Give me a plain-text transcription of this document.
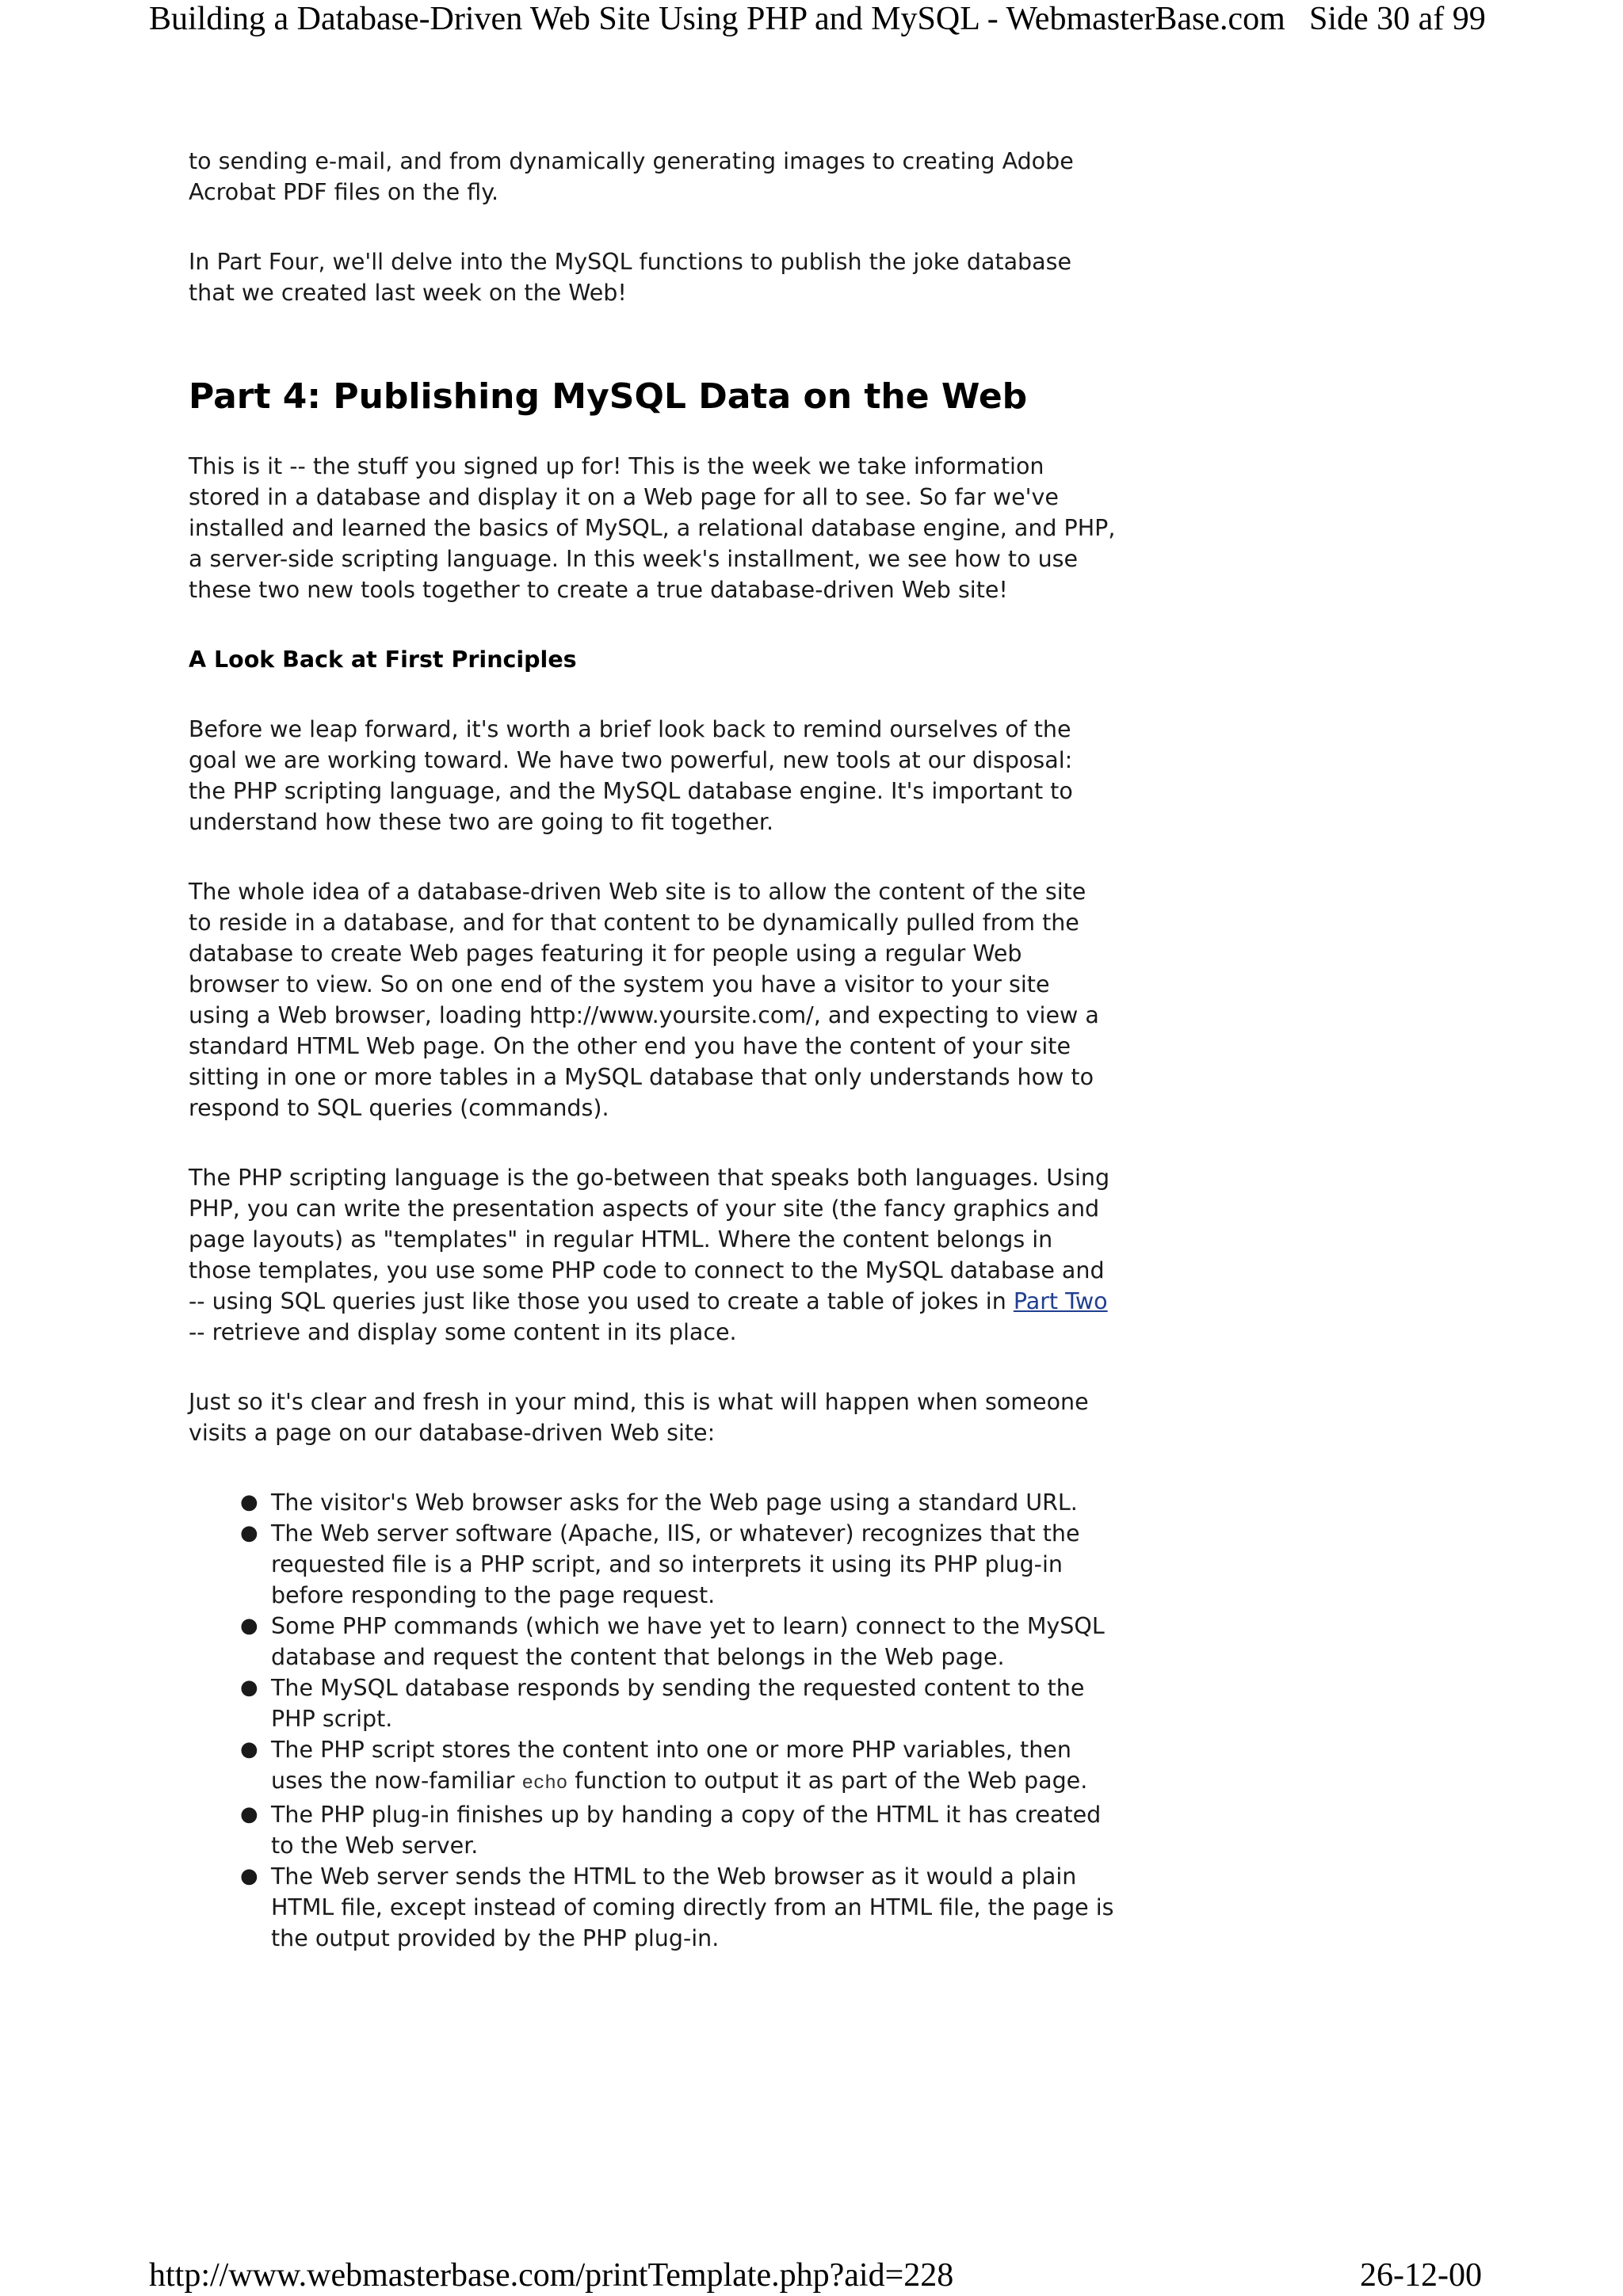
Building a Database-Driven Web Site Using PHP and MySQL - WebmasterBase.com Side 30 af 99

to sending e-mail, and from dynamically generating images to creating Adobe Acrobat PDF files on the fly.

In Part Four, we'll delve into the MySQL functions to publish the joke database that we created last week on the Web!

Part 4: Publishing MySQL Data on the Web

This is it -- the stuff you signed up for! This is the week we take information stored in a database and display it on a Web page for all to see. So far we've installed and learned the basics of MySQL, a relational database engine, and PHP, a server-side scripting language. In this week's installment, we see how to use these two new tools together to create a true database-driven Web site!

A Look Back at First Principles

Before we leap forward, it's worth a brief look back to remind ourselves of the goal we are working toward. We have two powerful, new tools at our disposal: the PHP scripting language, and the MySQL database engine. It's important to understand how these two are going to fit together.

The whole idea of a database-driven Web site is to allow the content of the site to reside in a database, and for that content to be dynamically pulled from the database to create Web pages featuring it for people using a regular Web browser to view. So on one end of the system you have a visitor to your site using a Web browser, loading http://www.yoursite.com/, and expecting to view a standard HTML Web page. On the other end you have the content of your site sitting in one or more tables in a MySQL database that only understands how to respond to SQL queries (commands).

The PHP scripting language is the go-between that speaks both languages. Using PHP, you can write the presentation aspects of your site (the fancy graphics and page layouts) as "templates" in regular HTML. Where the content belongs in those templates, you use some PHP code to connect to the MySQL database and -- using SQL queries just like those you used to create a table of jokes in Part Two -- retrieve and display some content in its place.

Just so it's clear and fresh in your mind, this is what will happen when someone visits a page on our database-driven Web site:

● The visitor's Web browser asks for the Web page using a standard URL.
● The Web server software (Apache, IIS, or whatever) recognizes that the requested file is a PHP script, and so interprets it using its PHP plug-in before responding to the page request.
● Some PHP commands (which we have yet to learn) connect to the MySQL database and request the content that belongs in the Web page.
● The MySQL database responds by sending the requested content to the PHP script.
● The PHP script stores the content into one or more PHP variables, then uses the now-familiar echo function to output it as part of the Web page.
● The PHP plug-in finishes up by handing a copy of the HTML it has created to the Web server.
● The Web server sends the HTML to the Web browser as it would a plain HTML file, except instead of coming directly from an HTML file, the page is the output provided by the PHP plug-in.
http://www.webmasterbase.com/printTemplate.php?aid=228	26-12-00
